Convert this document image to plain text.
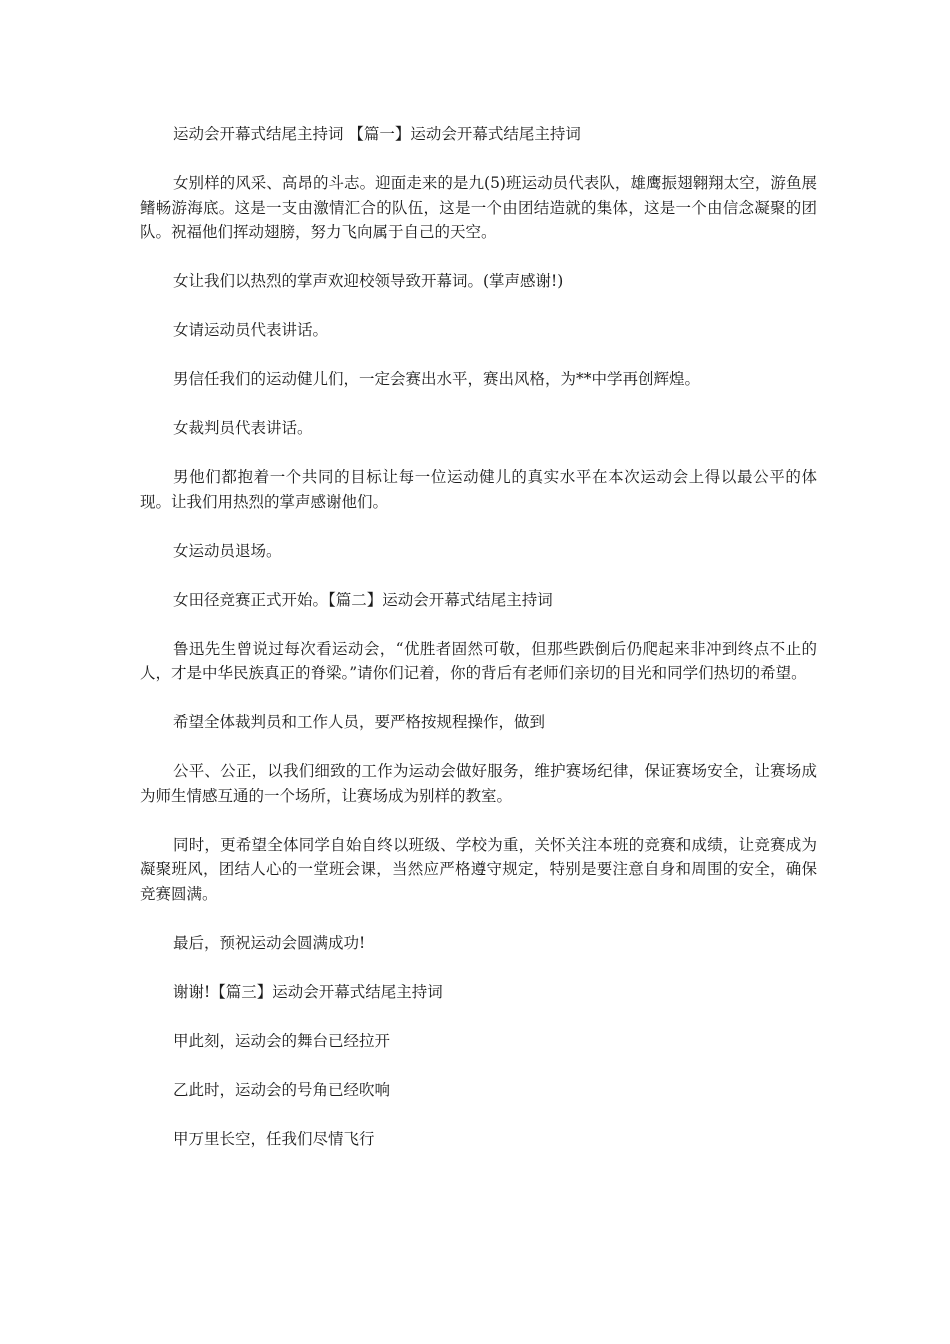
运动会开幕式结尾主持词 【篇一】运动会开幕式结尾主持词

女别样的风采、高昂的斗志。迎面走来的是九(5)班运动员代表队，雄鹰振翅翱翔太空，游鱼展鳍畅游海底。这是一支由激情汇合的队伍，这是一个由团结造就的集体，这是一个由信念凝聚的团队。祝福他们挥动翅膀，努力飞向属于自己的天空。

女让我们以热烈的掌声欢迎校领导致开幕词。(掌声感谢!)

女请运动员代表讲话。

男信任我们的运动健儿们，一定会赛出水平，赛出风格，为**中学再创辉煌。

女裁判员代表讲话。

男他们都抱着一个共同的目标让每一位运动健儿的真实水平在本次运动会上得以最公平的体现。让我们用热烈的掌声感谢他们。

女运动员退场。

女田径竞赛正式开始。【篇二】运动会开幕式结尾主持词

鲁迅先生曾说过每次看运动会，“优胜者固然可敬，但那些跌倒后仍爬起来非冲到终点不止的人，才是中华民族真正的脊梁。”请你们记着，你的背后有老师们亲切的目光和同学们热切的希望。

希望全体裁判员和工作人员，要严格按规程操作，做到

公平、公正，以我们细致的工作为运动会做好服务，维护赛场纪律，保证赛场安全，让赛场成为师生情感互通的一个场所，让赛场成为别样的教室。

同时，更希望全体同学自始自终以班级、学校为重，关怀关注本班的竞赛和成绩，让竞赛成为凝聚班风，团结人心的一堂班会课，当然应严格遵守规定，特别是要注意自身和周围的安全，确保竞赛圆满。

最后，预祝运动会圆满成功!

谢谢!【篇三】运动会开幕式结尾主持词

甲此刻，运动会的舞台已经拉开

乙此时，运动会的号角已经吹响

甲万里长空，任我们尽情飞行
